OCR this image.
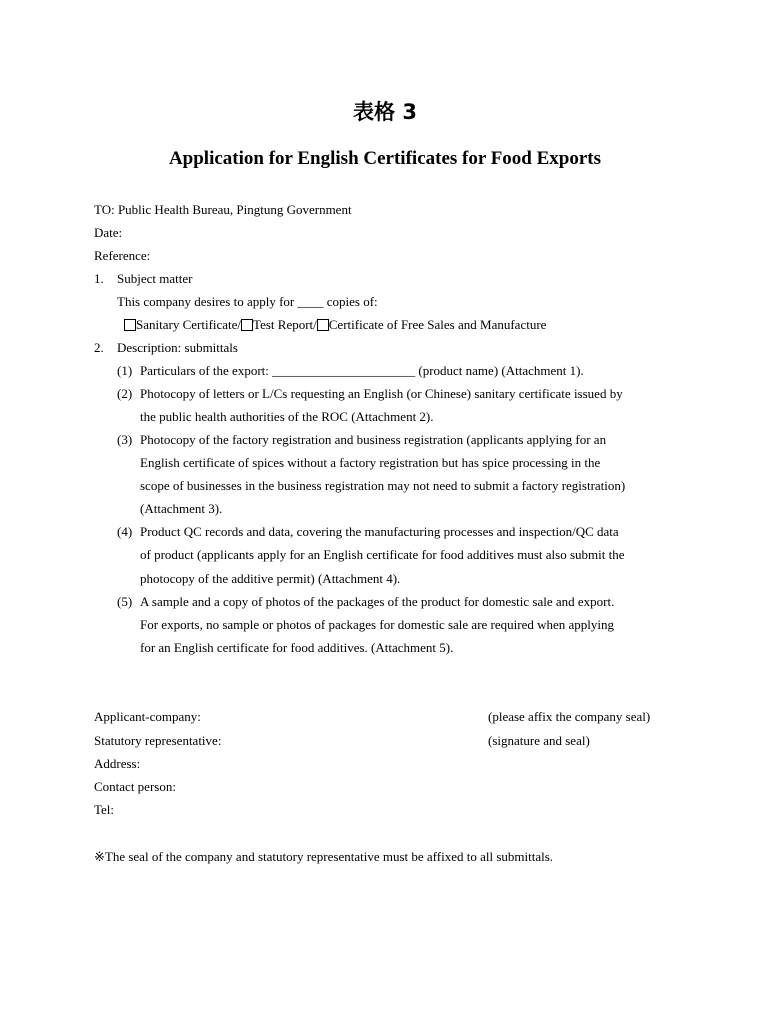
表格 3
Application for English Certificates for Food Exports
TO: Public Health Bureau, Pingtung Government
Date:
Reference:
1. Subject matter
This company desires to apply for ____ copies of:
Sanitary Certificate/ Test Report/ Certificate of Free Sales and Manufacture
2. Description: submittals
(1) Particulars of the export: ______________________ (product name) (Attachment 1).
(2) Photocopy of letters or L/Cs requesting an English (or Chinese) sanitary certificate issued by
the public health authorities of the ROC (Attachment 2).
(3) Photocopy of the factory registration and business registration (applicants applying for an
English certificate of spices without a factory registration but has spice processing in the
scope of businesses in the business registration may not need to submit a factory registration)
(Attachment 3).
(4) Product QC records and data, covering the manufacturing processes and inspection/QC data
of product (applicants apply for an English certificate for food additives must also submit the
photocopy of the additive permit) (Attachment 4).
(5) A sample and a copy of photos of the packages of the product for domestic sale and export.
For exports, no sample or photos of packages for domestic sale are required when applying
for an English certificate for food additives. (Attachment 5).
Applicant-company:	(please affix the company seal)
Statutory representative:	(signature and seal)
Address:
Contact person:
Tel:
※The seal of the company and statutory representative must be affixed to all submittals.
